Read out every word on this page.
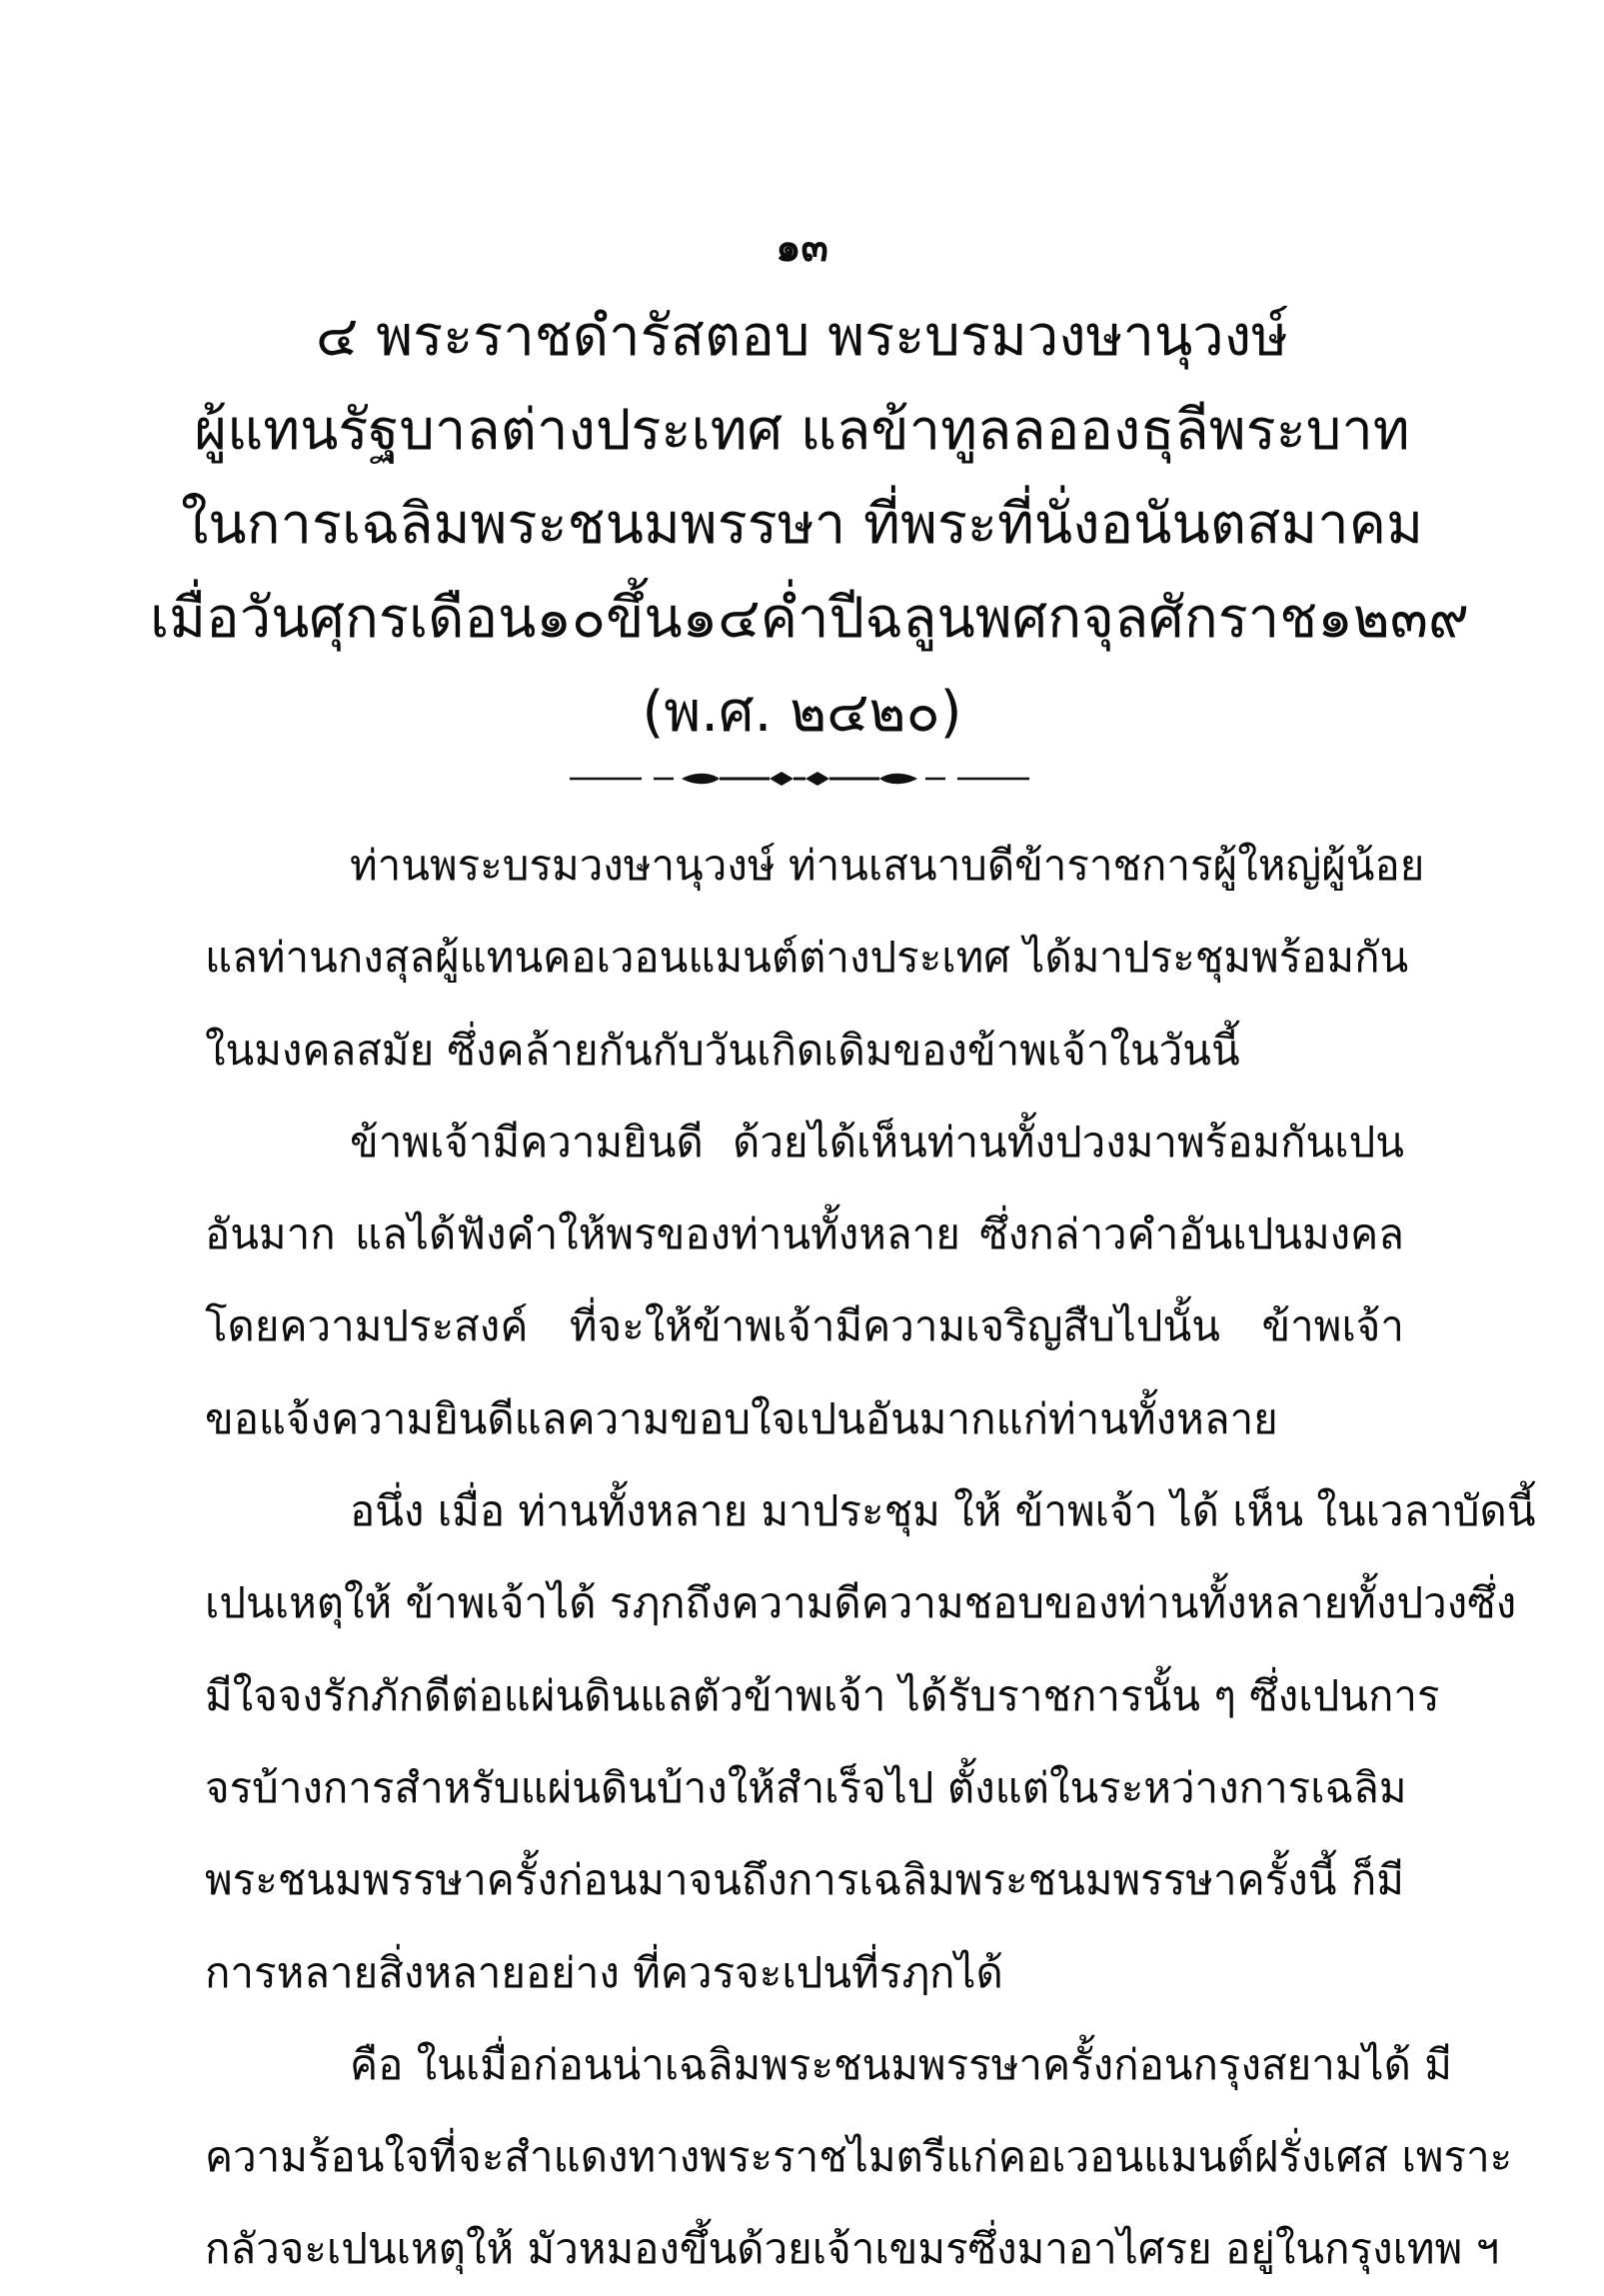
๑๓
๔ พระราชดำรัสตอบ พระบรมวงษานุวงษ์
ผู้แทนรัฐบาลต่างประเทศ แลข้าทูลลอองธุลีพระบาท
ในการเฉลิมพระชนมพรรษา ที่พระที่นั่งอนันตสมาคม
เมื่อวันศุกรเดือน๑๐ขึ้น๑๔ค่ำปีฉลูนพศกจุลศักราช๑๒๓๙
(พ.ศ. ๒๔๒๐)
ท่านพระบรมวงษานุวงษ์ ท่านเสนาบดีข้าราชการผู้ใหญ่ผู้น้อย
แลท่านกงสุลผู้แทนคอเวอนแมนต์ต่างประเทศ ได้มาประชุมพร้อมกัน
ในมงคลสมัย ซึ่งคล้ายกันกับวันเกิดเดิมของข้าพเจ้าในวันนี้
ข้าพเจ้ามีความยินดี ด้วยได้เห็นท่านทั้งปวงมาพร้อมกันเปน
อันมาก แลได้ฟังคำให้พรของท่านทั้งหลาย ซึ่งกล่าวคำอันเปนมงคล
โดยความประสงค์ ที่จะให้ข้าพเจ้ามีความเจริญสืบไปนั้น ข้าพเจ้า
ขอแจ้งความยินดีแลความขอบใจเปนอันมากแก่ท่านทั้งหลาย
อนึ่ง เมื่อ ท่านทั้งหลาย มาประชุม ให้ ข้าพเจ้า ได้ เห็น ในเวลาบัดนี้
เปนเหตุให้ ข้าพเจ้าได้ รฦกถึงความดีความชอบของท่านทั้งหลายทั้งปวงซึ่ง
มีใจจงรักภักดีต่อแผ่นดินแลตัวข้าพเจ้า ได้รับราชการนั้น ๆ ซึ่งเปนการ
จรบ้างการสำหรับแผ่นดินบ้างให้สำเร็จไป ตั้งแต่ในระหว่างการเฉลิม
พระชนมพรรษาครั้งก่อนมาจนถึงการเฉลิมพระชนมพรรษาครั้งนี้ ก็มี
การหลายสิ่งหลายอย่าง ที่ควรจะเปนที่รฦกได้
คือ ในเมื่อก่อนน่าเฉลิมพระชนมพรรษาครั้งก่อนกรุงสยามได้ มี
ความร้อนใจที่จะสำแดงทางพระราชไมตรีแก่คอเวอนแมนต์ฝรั่งเศส เพราะ
กลัวจะเปนเหตุให้ มัวหมองขึ้นด้วยเจ้าเขมรซึ่งมาอาไศรย อยู่ในกรุงเทพ ฯ
